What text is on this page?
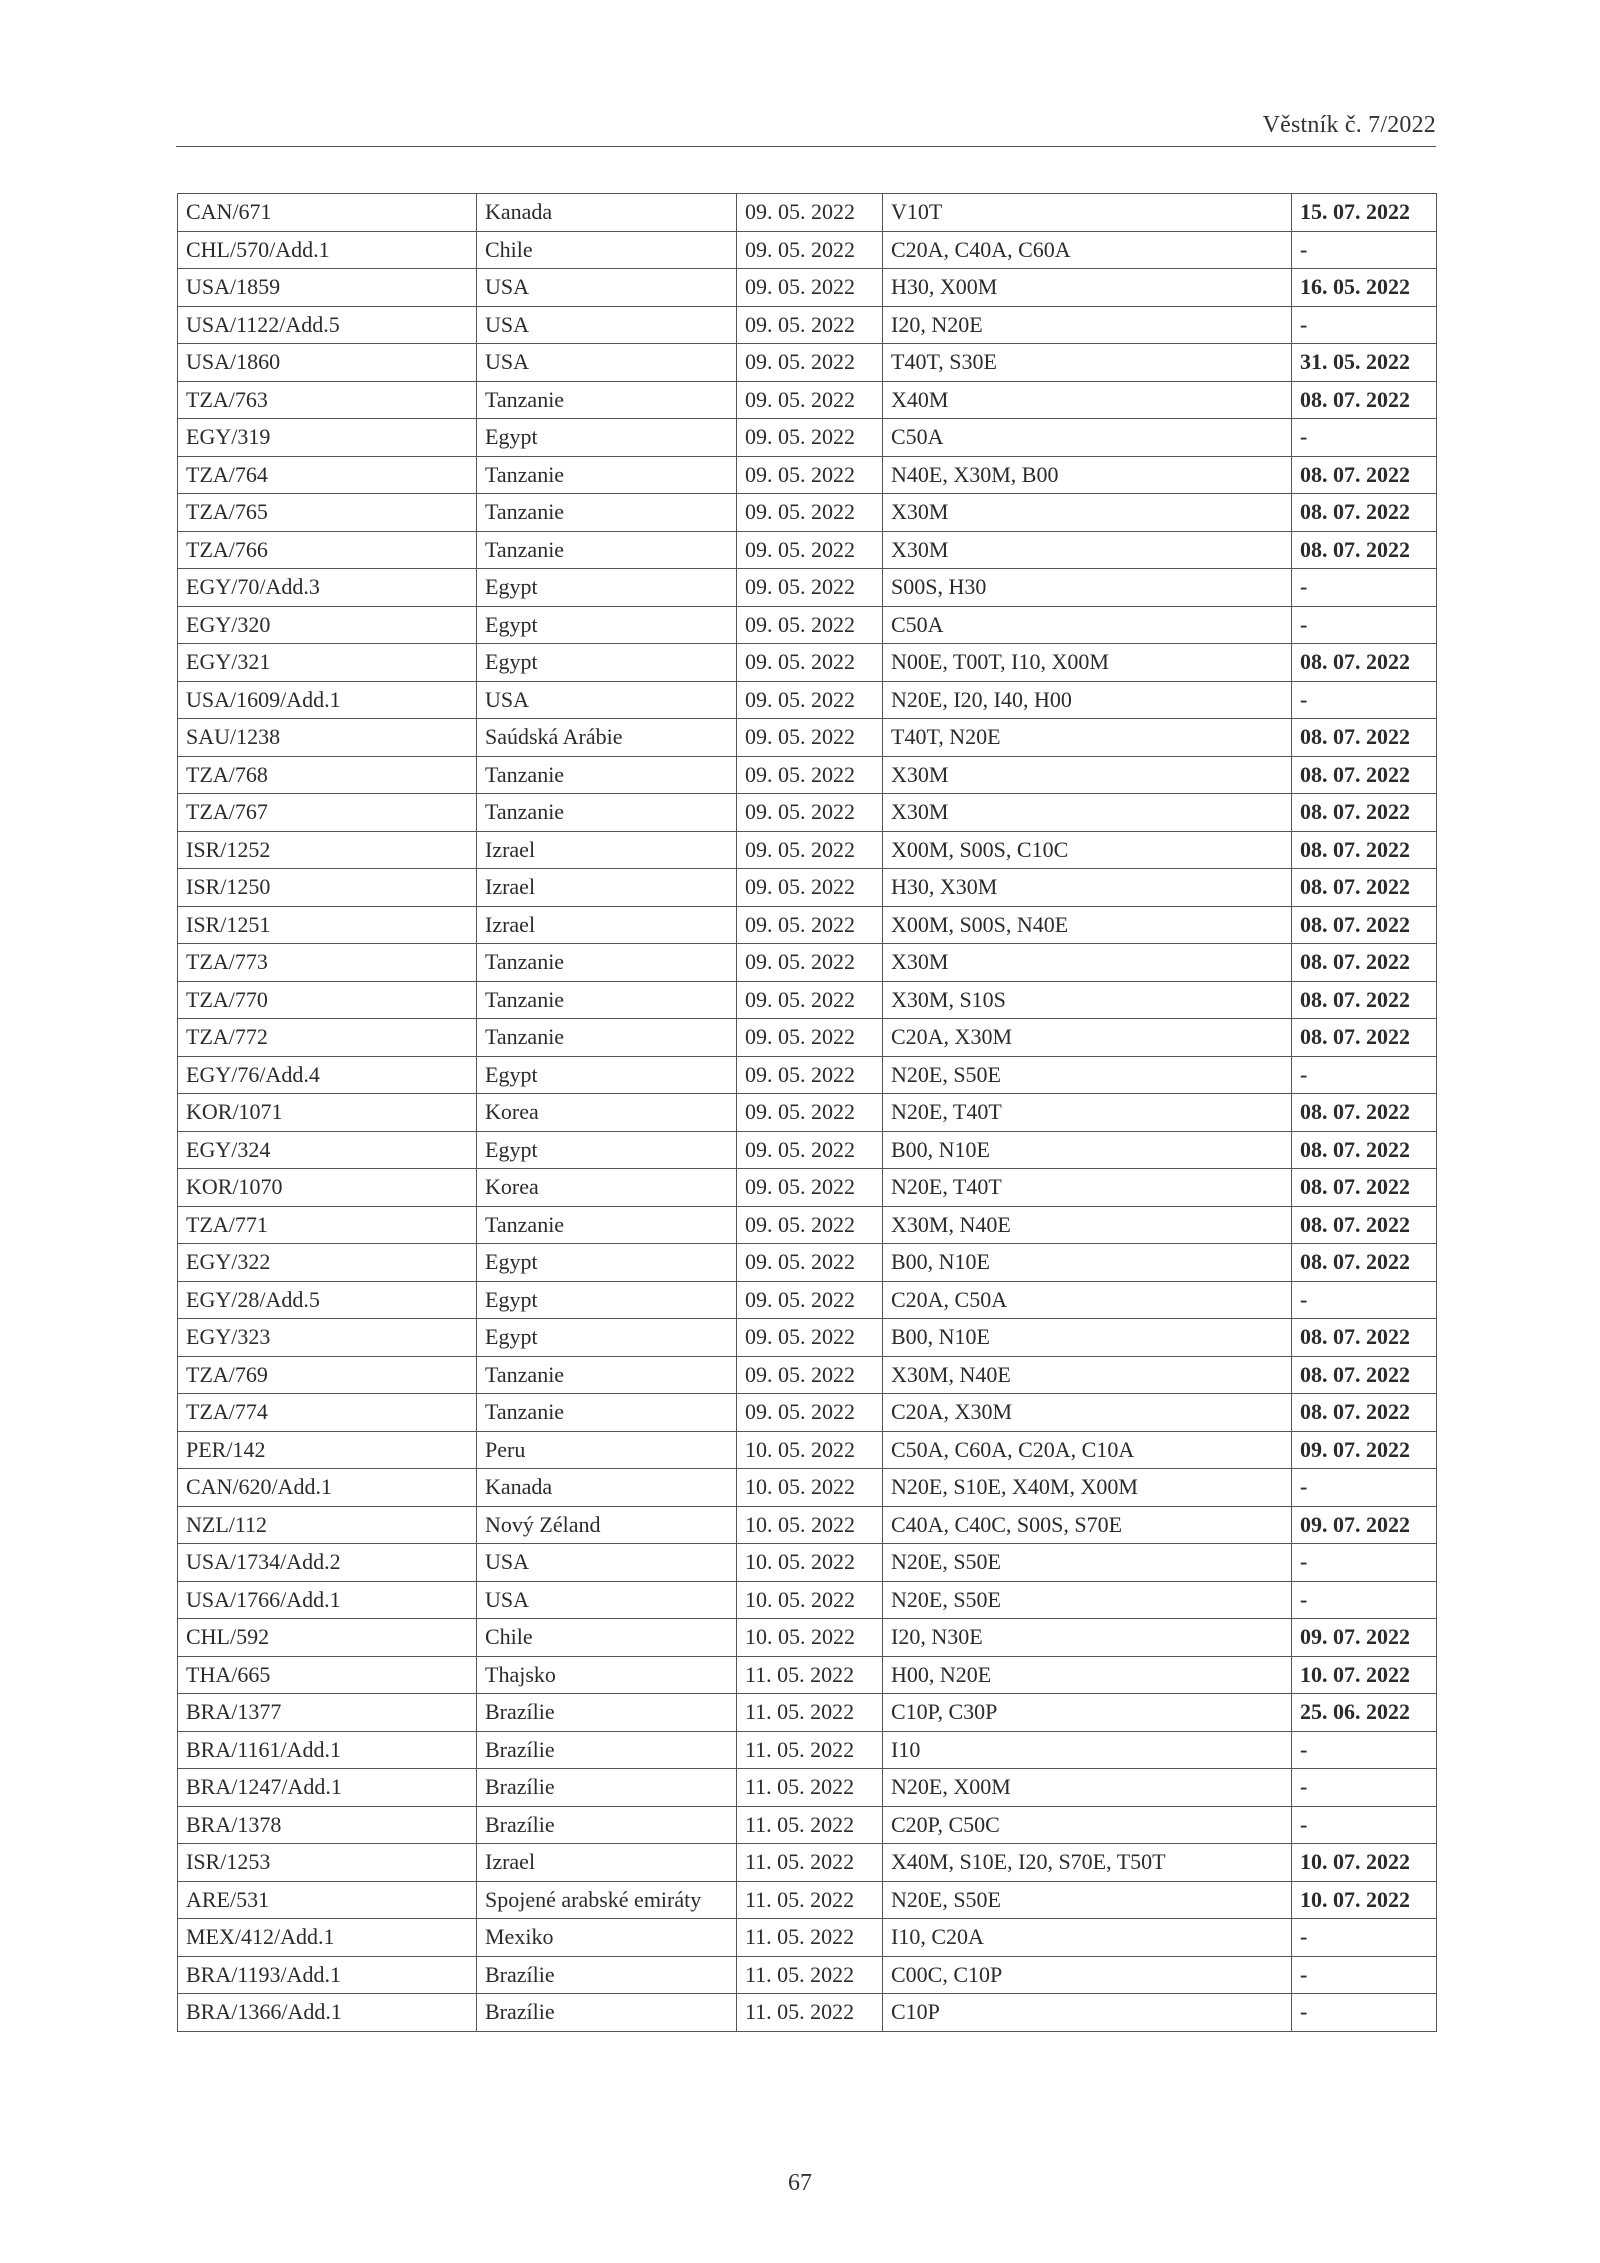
Věstník č. 7/2022
CAN/671	Kanada	09. 05. 2022	V10T	15. 07. 2022
CHL/570/Add.1	Chile	09. 05. 2022	C20A, C40A, C60A	-
USA/1859	USA	09. 05. 2022	H30, X00M	16. 05. 2022
USA/1122/Add.5	USA	09. 05. 2022	I20, N20E	-
USA/1860	USA	09. 05. 2022	T40T, S30E	31. 05. 2022
TZA/763	Tanzanie	09. 05. 2022	X40M	08. 07. 2022
EGY/319	Egypt	09. 05. 2022	C50A	-
TZA/764	Tanzanie	09. 05. 2022	N40E, X30M, B00	08. 07. 2022
TZA/765	Tanzanie	09. 05. 2022	X30M	08. 07. 2022
TZA/766	Tanzanie	09. 05. 2022	X30M	08. 07. 2022
EGY/70/Add.3	Egypt	09. 05. 2022	S00S, H30	-
EGY/320	Egypt	09. 05. 2022	C50A	-
EGY/321	Egypt	09. 05. 2022	N00E, T00T, I10, X00M	08. 07. 2022
USA/1609/Add.1	USA	09. 05. 2022	N20E, I20, I40, H00	-
SAU/1238	Saúdská Arábie	09. 05. 2022	T40T, N20E	08. 07. 2022
TZA/768	Tanzanie	09. 05. 2022	X30M	08. 07. 2022
TZA/767	Tanzanie	09. 05. 2022	X30M	08. 07. 2022
ISR/1252	Izrael	09. 05. 2022	X00M, S00S, C10C	08. 07. 2022
ISR/1250	Izrael	09. 05. 2022	H30, X30M	08. 07. 2022
ISR/1251	Izrael	09. 05. 2022	X00M, S00S, N40E	08. 07. 2022
TZA/773	Tanzanie	09. 05. 2022	X30M	08. 07. 2022
TZA/770	Tanzanie	09. 05. 2022	X30M, S10S	08. 07. 2022
TZA/772	Tanzanie	09. 05. 2022	C20A, X30M	08. 07. 2022
EGY/76/Add.4	Egypt	09. 05. 2022	N20E, S50E	-
KOR/1071	Korea	09. 05. 2022	N20E, T40T	08. 07. 2022
EGY/324	Egypt	09. 05. 2022	B00, N10E	08. 07. 2022
KOR/1070	Korea	09. 05. 2022	N20E, T40T	08. 07. 2022
TZA/771	Tanzanie	09. 05. 2022	X30M, N40E	08. 07. 2022
EGY/322	Egypt	09. 05. 2022	B00, N10E	08. 07. 2022
EGY/28/Add.5	Egypt	09. 05. 2022	C20A, C50A	-
EGY/323	Egypt	09. 05. 2022	B00, N10E	08. 07. 2022
TZA/769	Tanzanie	09. 05. 2022	X30M, N40E	08. 07. 2022
TZA/774	Tanzanie	09. 05. 2022	C20A, X30M	08. 07. 2022
PER/142	Peru	10. 05. 2022	C50A, C60A, C20A, C10A	09. 07. 2022
CAN/620/Add.1	Kanada	10. 05. 2022	N20E, S10E, X40M, X00M	-
NZL/112	Nový Zéland	10. 05. 2022	C40A, C40C, S00S, S70E	09. 07. 2022
USA/1734/Add.2	USA	10. 05. 2022	N20E, S50E	-
USA/1766/Add.1	USA	10. 05. 2022	N20E, S50E	-
CHL/592	Chile	10. 05. 2022	I20, N30E	09. 07. 2022
THA/665	Thajsko	11. 05. 2022	H00, N20E	10. 07. 2022
BRA/1377	Brazílie	11. 05. 2022	C10P, C30P	25. 06. 2022
BRA/1161/Add.1	Brazílie	11. 05. 2022	I10	-
BRA/1247/Add.1	Brazílie	11. 05. 2022	N20E, X00M	-
BRA/1378	Brazílie	11. 05. 2022	C20P, C50C	-
ISR/1253	Izrael	11. 05. 2022	X40M, S10E, I20, S70E, T50T	10. 07. 2022
ARE/531	Spojené arabské emiráty	11. 05. 2022	N20E, S50E	10. 07. 2022
MEX/412/Add.1	Mexiko	11. 05. 2022	I10, C20A	-
BRA/1193/Add.1	Brazílie	11. 05. 2022	C00C, C10P	-
BRA/1366/Add.1	Brazílie	11. 05. 2022	C10P	-
67
